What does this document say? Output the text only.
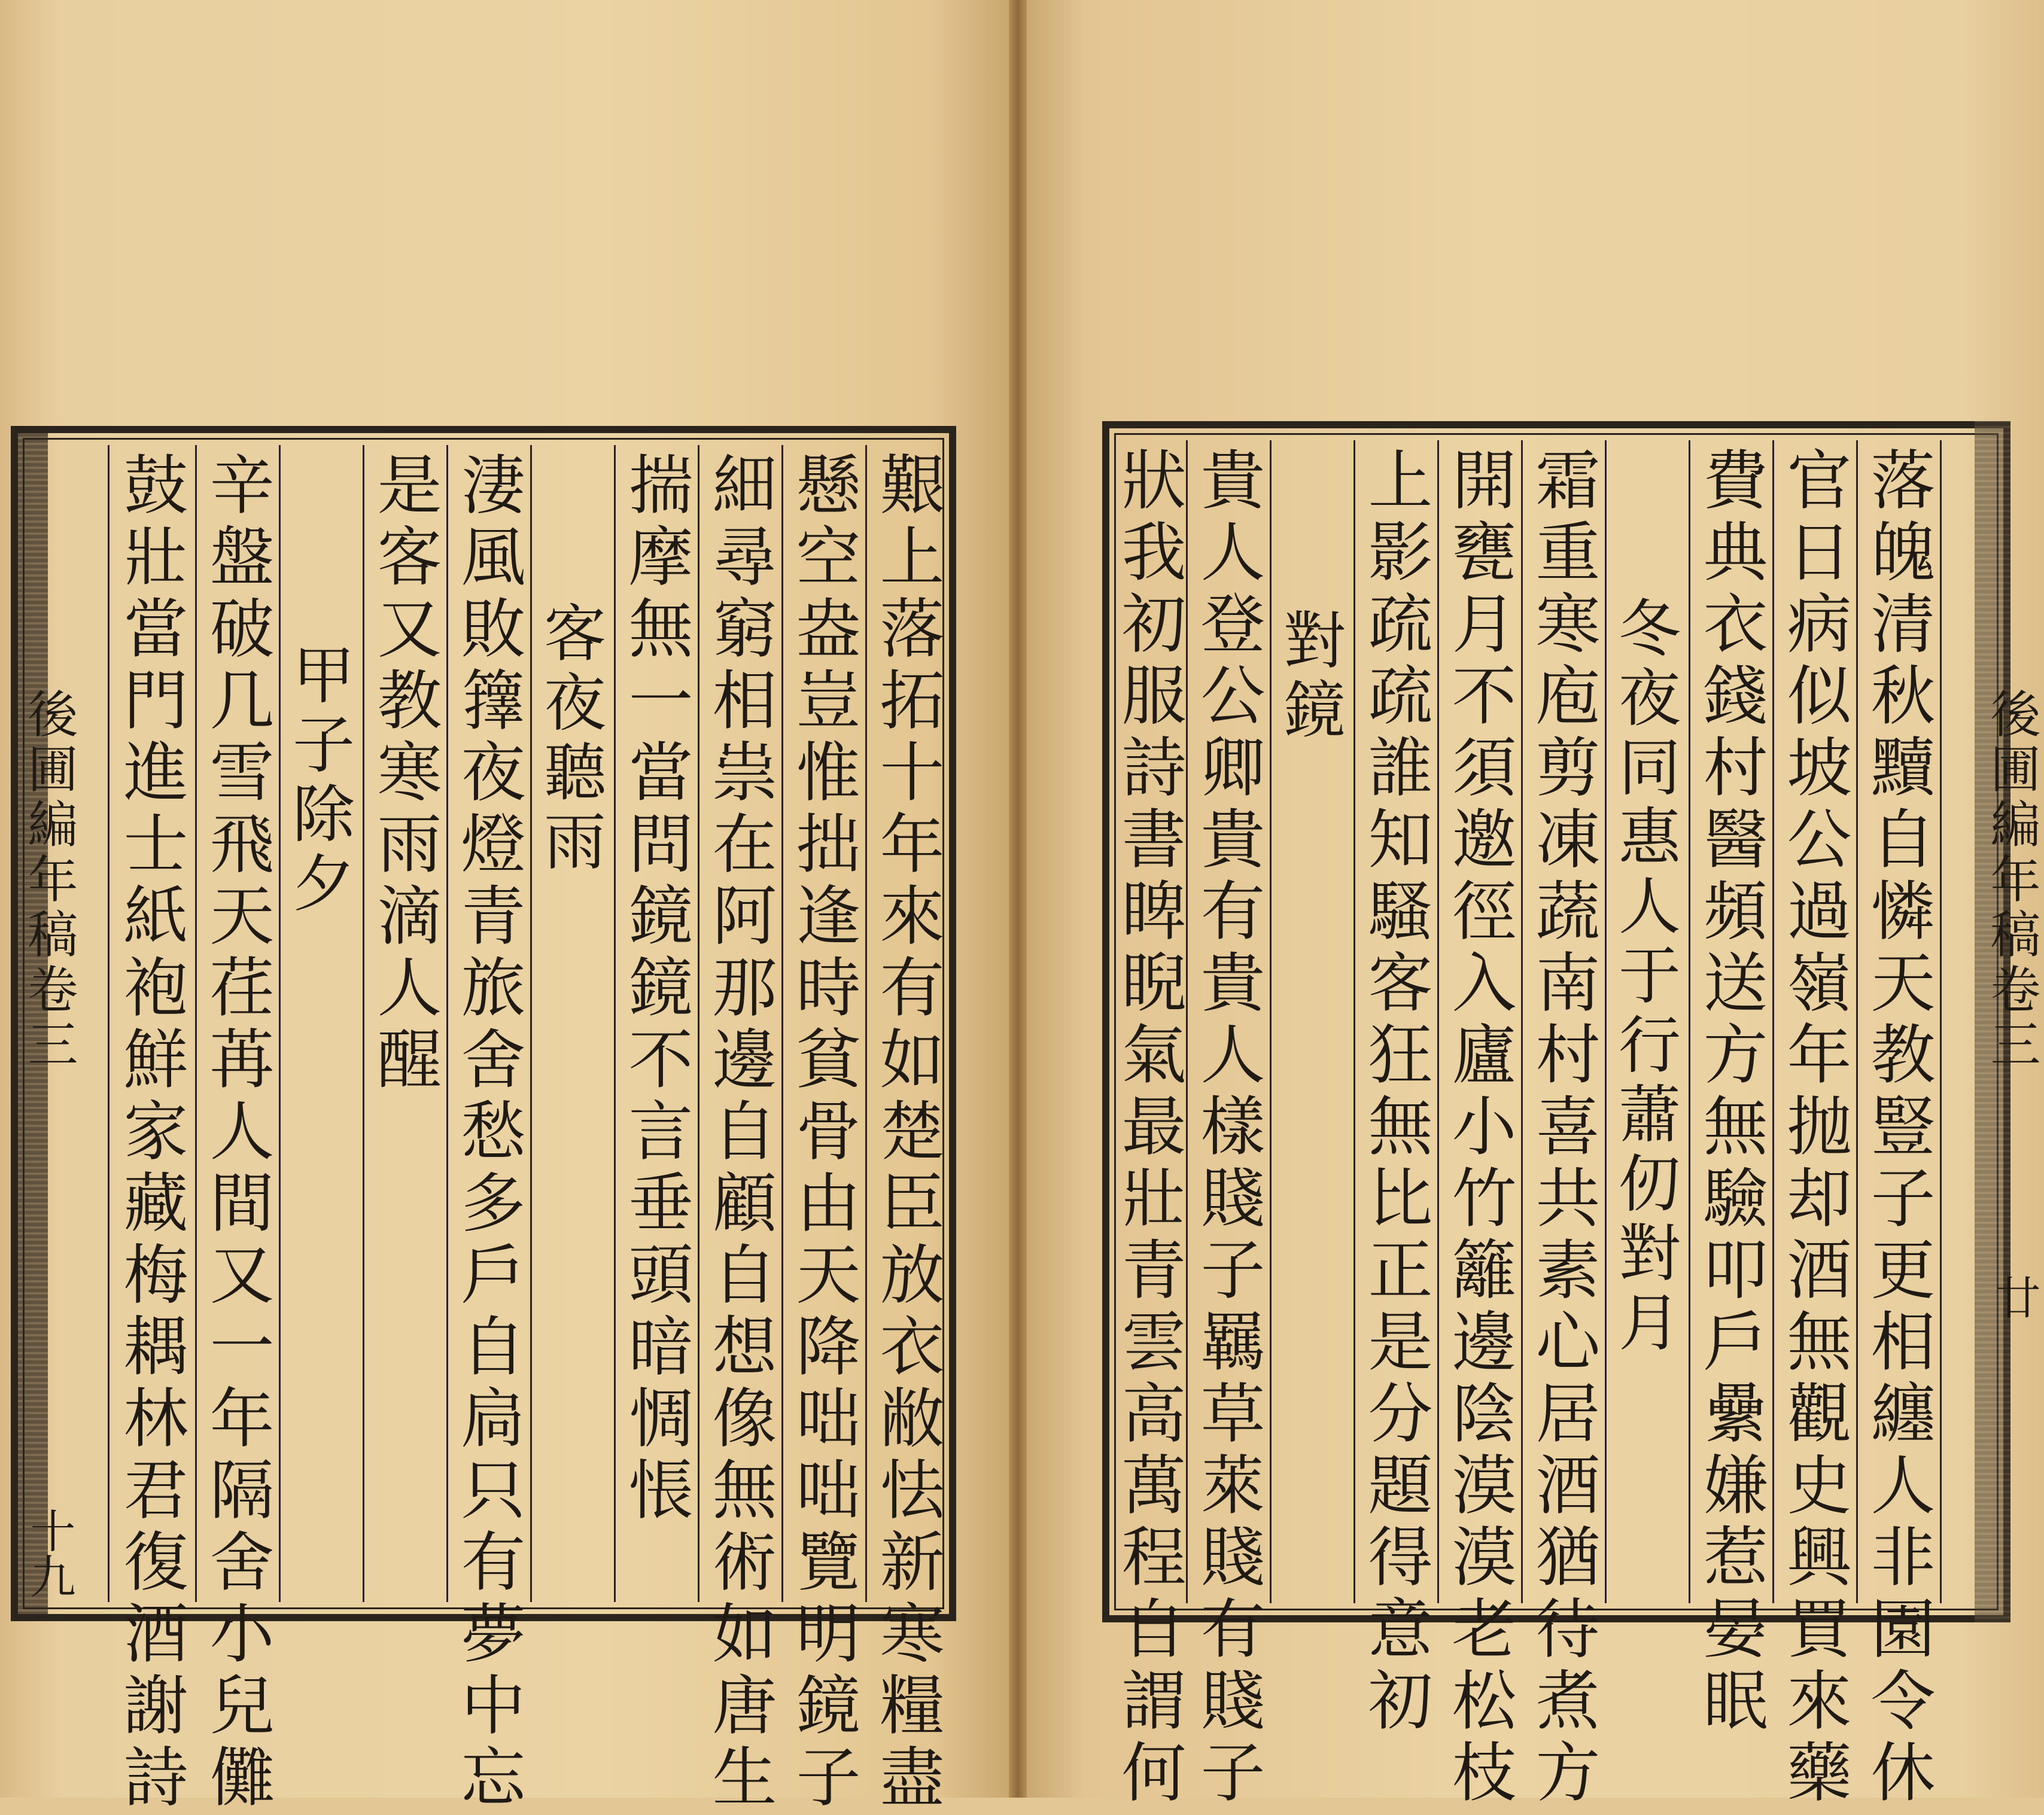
後圃編年稿卷三
十九	艱上落拓十年來有如楚臣放衣敝怯新寒糧盡
懸空盎豈惟拙逢時貧骨由天降咄咄覽明鏡子
細尋窮相祟在阿那邊自顧自想像無術如唐生
揣摩無一當問鏡鏡不言垂頭暗惆悵
客夜聽雨
淒風敗籜夜燈青旅舍愁多戶自扃只有夢中忘
是客又教寒雨滴人醒
甲子除夕
辛盤破几雪飛天荏苒人間又一年隔舍小兒儺
鼓壯當門進士紙袍鮮家藏梅耦林君復酒謝詩	落魄清秋黷自憐天教豎子更相纏人非園令休
官日病似坡公過嶺年抛却酒無觀史興買來藥
費典衣錢村醫頻送方無驗叩戶纍嫌惹晏眠
冬夜同惠人于行蕭仞對月
霜重寒庖剪凍蔬南村喜共素心居酒猶待煮方
開甕月不須邀徑入廬小竹籬邊陰漠漠老松枝
上影疏疏誰知騷客狂無比正是分題得意初
對鏡
貴人登公卿貴有貴人樣賤子羈草萊賤有賤子
狀我初服詩書睥睨氣最壯青雲高萬程自謂何	後圃編年稿卷三
廿
